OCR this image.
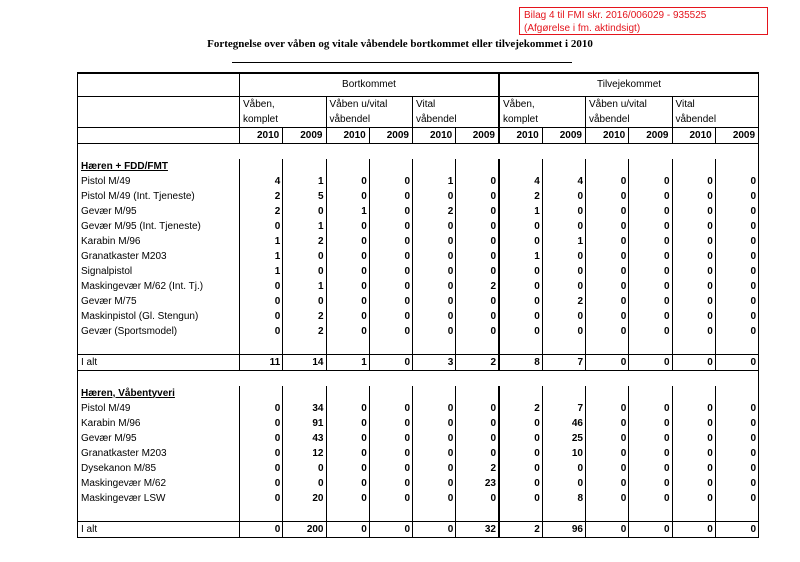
Bilag 4 til FMI skr. 2016/006029 - 935525
(Afgørelse i fm. aktindsigt)
Fortegnelse over våben og vitale våbendele bortkommet eller tilvejekommet i 2010
	Bortkommet						Tilvejekommet					
	Våben,		Våben u/vital		Vital		Våben,		Våben u/vital		Vital	
	komplet		våbendel		våbendel		komplet		våbendel		våbendel	
	2010	2009	2010	2009	2010	2009	2010	2009	2010	2009	2010	2009

Hæren + FDD/FMT												
Pistol M/49	4	1	0	0	1	0	4	4	0	0	0	0
Pistol M/49 (Int. Tjeneste)	2	5	0	0	0	0	2	0	0	0	0	0
Gevær M/95	2	0	1	0	2	0	1	0	0	0	0	0
Gevær M/95 (Int. Tjeneste)	0	1	0	0	0	0	0	0	0	0	0	0
Karabin M/96	1	2	0	0	0	0	0	1	0	0	0	0
Granatkaster M203	1	0	0	0	0	0	1	0	0	0	0	0
Signalpistol	1	0	0	0	0	0	0	0	0	0	0	0
Maskingevær M/62 (Int. Tj.)	0	1	0	0	0	2	0	0	0	0	0	0
Gevær M/75	0	0	0	0	0	0	0	2	0	0	0	0
Maskinpistol (Gl. Stengun)	0	2	0	0	0	0	0	0	0	0	0	0
Gevær (Sportsmodel)	0	2	0	0	0	0	0	0	0	0	0	0

I alt	11	14	1	0	3	2	8	7	0	0	0	0

Hæren, Våbentyveri												
Pistol M/49	0	34	0	0	0	0	2	7	0	0	0	0
Karabin M/96	0	91	0	0	0	0	0	46	0	0	0	0
Gevær M/95	0	43	0	0	0	0	0	25	0	0	0	0
Granatkaster M203	0	12	0	0	0	0	0	10	0	0	0	0
Dysekanon M/85	0	0	0	0	0	2	0	0	0	0	0	0
Maskingevær M/62	0	0	0	0	0	23	0	0	0	0	0	0
Maskingevær LSW	0	20	0	0	0	0	0	8	0	0	0	0

I alt	0	200	0	0	0	32	2	96	0	0	0	0
